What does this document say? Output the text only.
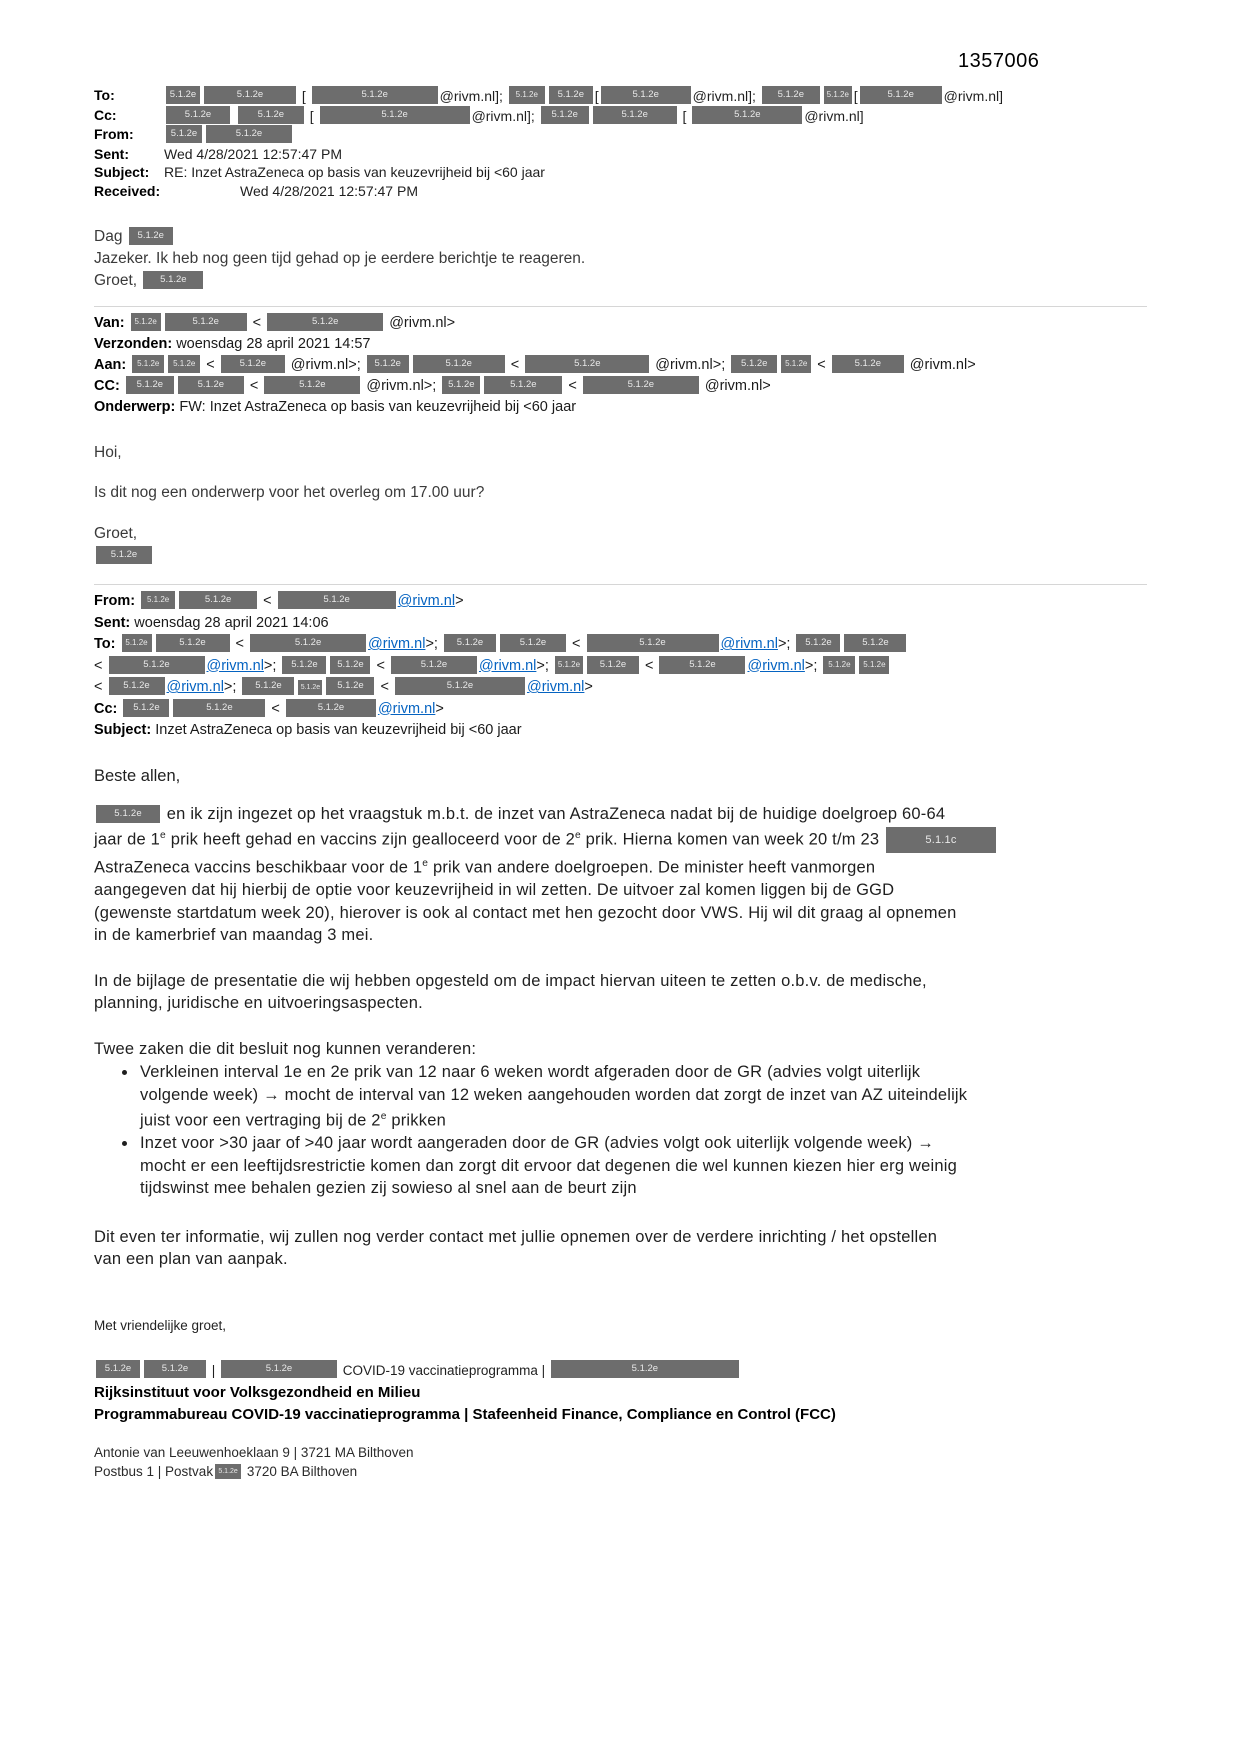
1357006
To:	5.1.2e	5.1.2e [	5.1.2e	@rivm.nl]; 5.1.2e 5.1.2e [	5.1.2e @rivm.nl]; 5.1.2e	5.1.2e [	5.1.2e @rivm.nl]
Cc:	5.1.2e	5.1.2e [	5.1.2e	@rivm.nl]; 5.1.2e	5.1.2e [	5.1.2e	@rivm.nl]
From:	5.1.2e	5.1.2e
Sent:	Wed 4/28/2021 12:57:47 PM
Subject:	RE: Inzet AstraZeneca op basis van keuzevrijheid bij <60 jaar
Received:	Wed 4/28/2021 12:57:47 PM
Dag 5.1.2e
Jazeker. Ik heb nog geen tijd gehad op je eerdere berichtje te reageren.
Groet, 5.1.2e
Van: 5.1.2e	5.1.2e <	5.1.2e	@rivm.nl>
Verzonden: woensdag 28 april 2021 14:57
Aan: 5.1.2e 5.1.2e < 5.1.2e @rivm.nl>; 5.1.2e	5.1.2e <	5.1.2e	@rivm.nl>; 5.1.2e 5.1.2e <	5.1.2e @rivm.nl>
CC: 5.1.2e	5.1.2e <	5.1.2e	@rivm.nl>; 5.1.2e	5.1.2e <	5.1.2e	@rivm.nl>
Onderwerp: FW: Inzet AstraZeneca op basis van keuzevrijheid bij <60 jaar
Hoi,
Is dit nog een onderwerp voor het overleg om 17.00 uur?
Groet,
5.1.2e
From: 5.1.2e	5.1.2e <	5.1.2e	@rivm.nl>
Sent: woensdag 28 april 2021 14:06
To: 5.1.2e	5.1.2e <	5.1.2e	@rivm.nl>; 5.1.2e	5.1.2e <	5.1.2e	@rivm.nl>; 5.1.2e	5.1.2e
<	5.1.2e	@rivm.nl>; 5.1.2e 5.1.2e <	5.1.2e @rivm.nl>; 5.1.2e 5.1.2e <	5.1.2e @rivm.nl>; 5.1.2e 5.1.2e
< 5.1.2e @rivm.nl>; 5.1.2e	5.1.2e 5.1.2e <	5.1.2e	@rivm.nl>
Cc: 5.1.2e	5.1.2e <	5.1.2e @rivm.nl>
Subject: Inzet AstraZeneca op basis van keuzevrijheid bij <60 jaar
Beste allen,
5.1.2e en ik zijn ingezet op het vraagstuk m.b.t. de inzet van AstraZeneca nadat bij de huidige doelgroep 60-64
jaar de 1e prik heeft gehad en vaccins zijn gealloceerd voor de 2e prik. Hierna komen van week 20 t/m 23	5.1.1c
AstraZeneca vaccins beschikbaar voor de 1e prik van andere doelgroepen. De minister heeft vanmorgen
aangegeven dat hij hierbij de optie voor keuzevrijheid in wil zetten. De uitvoer zal komen liggen bij de GGD
(gewenste startdatum week 20), hierover is ook al contact met hen gezocht door VWS. Hij wil dit graag al opnemen
in de kamerbrief van maandag 3 mei.
In de bijlage de presentatie die wij hebben opgesteld om de impact hiervan uiteen te zetten o.b.v. de medische,
planning, juridische en uitvoeringsaspecten.
Twee zaken die dit besluit nog kunnen veranderen:
• Verkleinen interval 1e en 2e prik van 12 naar 6 weken wordt afgeraden door de GR (advies volgt uiterlijk
volgende week) → mocht de interval van 12 weken aangehouden worden dat zorgt de inzet van AZ uiteindelijk
juist voor een vertraging bij de 2e prikken
• Inzet voor >30 jaar of >40 jaar wordt aangeraden door de GR (advies volgt ook uiterlijk volgende week) →
mocht er een leeftijdsrestrictie komen dan zorgt dit ervoor dat degenen die wel kunnen kiezen hier erg weinig
tijdswinst mee behalen gezien zij sowieso al snel aan de beurt zijn
Dit even ter informatie, wij zullen nog verder contact met jullie opnemen over de verdere inrichting / het opstellen
van een plan van aanpak.
Met vriendelijke groet,
5.1.2e	5.1.2e |	5.1.2e	COVID-19 vaccinatieprogramma |	5.1.2e
Rijksinstituut voor Volksgezondheid en Milieu
Programmabureau COVID-19 vaccinatieprogramma | Stafeenheid Finance, Compliance en Control (FCC)
Antonie van Leeuwenhoeklaan 9 | 3721 MA Bilthoven
Postbus 1 | Postvak 5.1.2e 3720 BA Bilthoven
